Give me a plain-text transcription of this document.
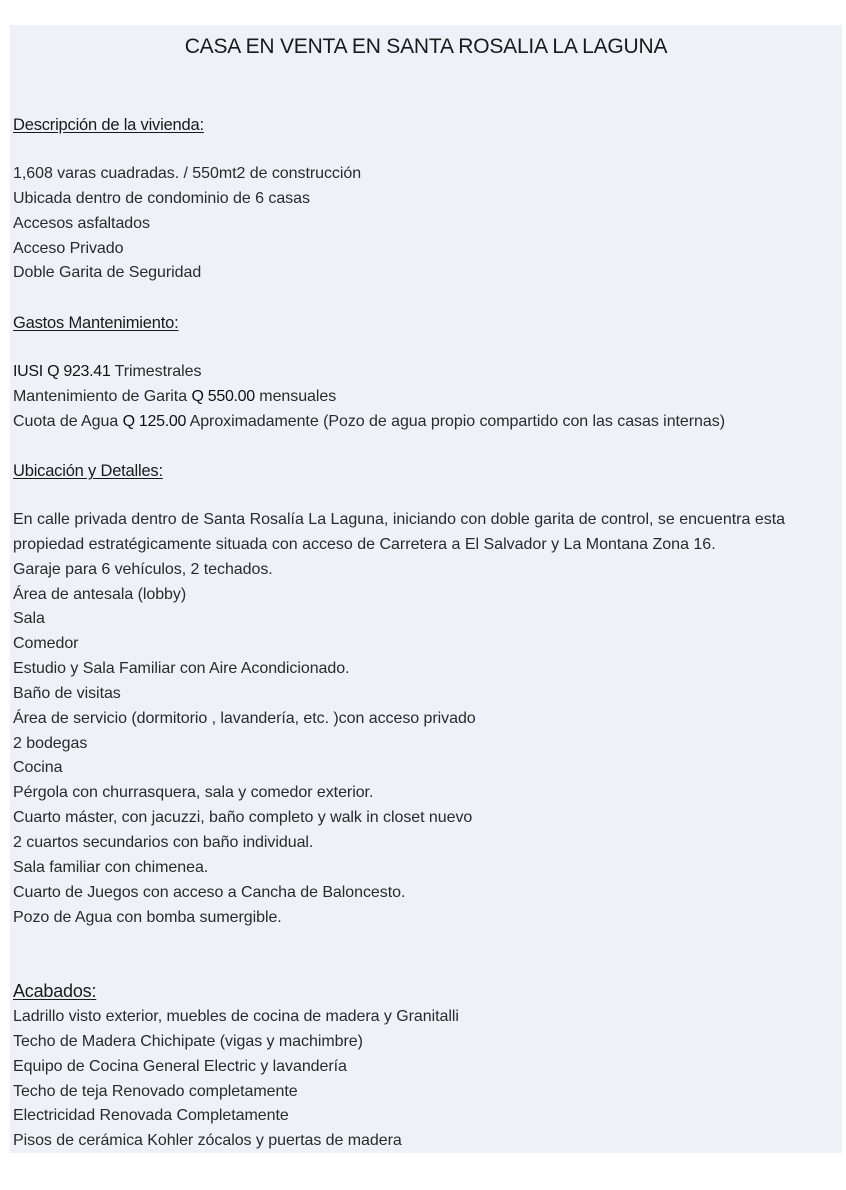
CASA EN VENTA EN SANTA ROSALIA LA LAGUNA
Descripción de la vivienda:
1,608 varas cuadradas. / 550mt2 de construcción
Ubicada dentro de condominio de 6 casas
Accesos asfaltados
Acceso Privado
Doble Garita de Seguridad
Gastos Mantenimiento:
IUSI Q 923.41 Trimestrales
Mantenimiento de Garita Q 550.00 mensuales
Cuota de Agua Q 125.00 Aproximadamente (Pozo de agua propio compartido con las casas internas)
Ubicación y Detalles:
En calle privada dentro de Santa Rosalía La Laguna, iniciando con doble garita de control, se encuentra esta propiedad estratégicamente situada con acceso de Carretera a El Salvador y La Montana Zona 16.
Garaje para 6 vehículos, 2 techados.
Área de antesala (lobby)
Sala
Comedor
Estudio y Sala Familiar con Aire Acondicionado.
Baño de visitas
Área de servicio (dormitorio , lavandería, etc. )con acceso privado
2 bodegas
Cocina
Pérgola con churrasquera, sala y comedor exterior.
Cuarto máster, con jacuzzi, baño completo y walk in closet nuevo
2 cuartos secundarios con baño individual.
Sala familiar con chimenea.
Cuarto de Juegos con acceso a Cancha de Baloncesto.
Pozo de Agua con bomba sumergible.
Acabados:
Ladrillo visto exterior, muebles de cocina de madera y Granitalli
Techo de Madera Chichipate (vigas y machimbre)
Equipo de Cocina General Electric y lavandería
Techo de teja Renovado completamente
Electricidad Renovada Completamente
Pisos de cerámica Kohler zócalos y puertas de madera
